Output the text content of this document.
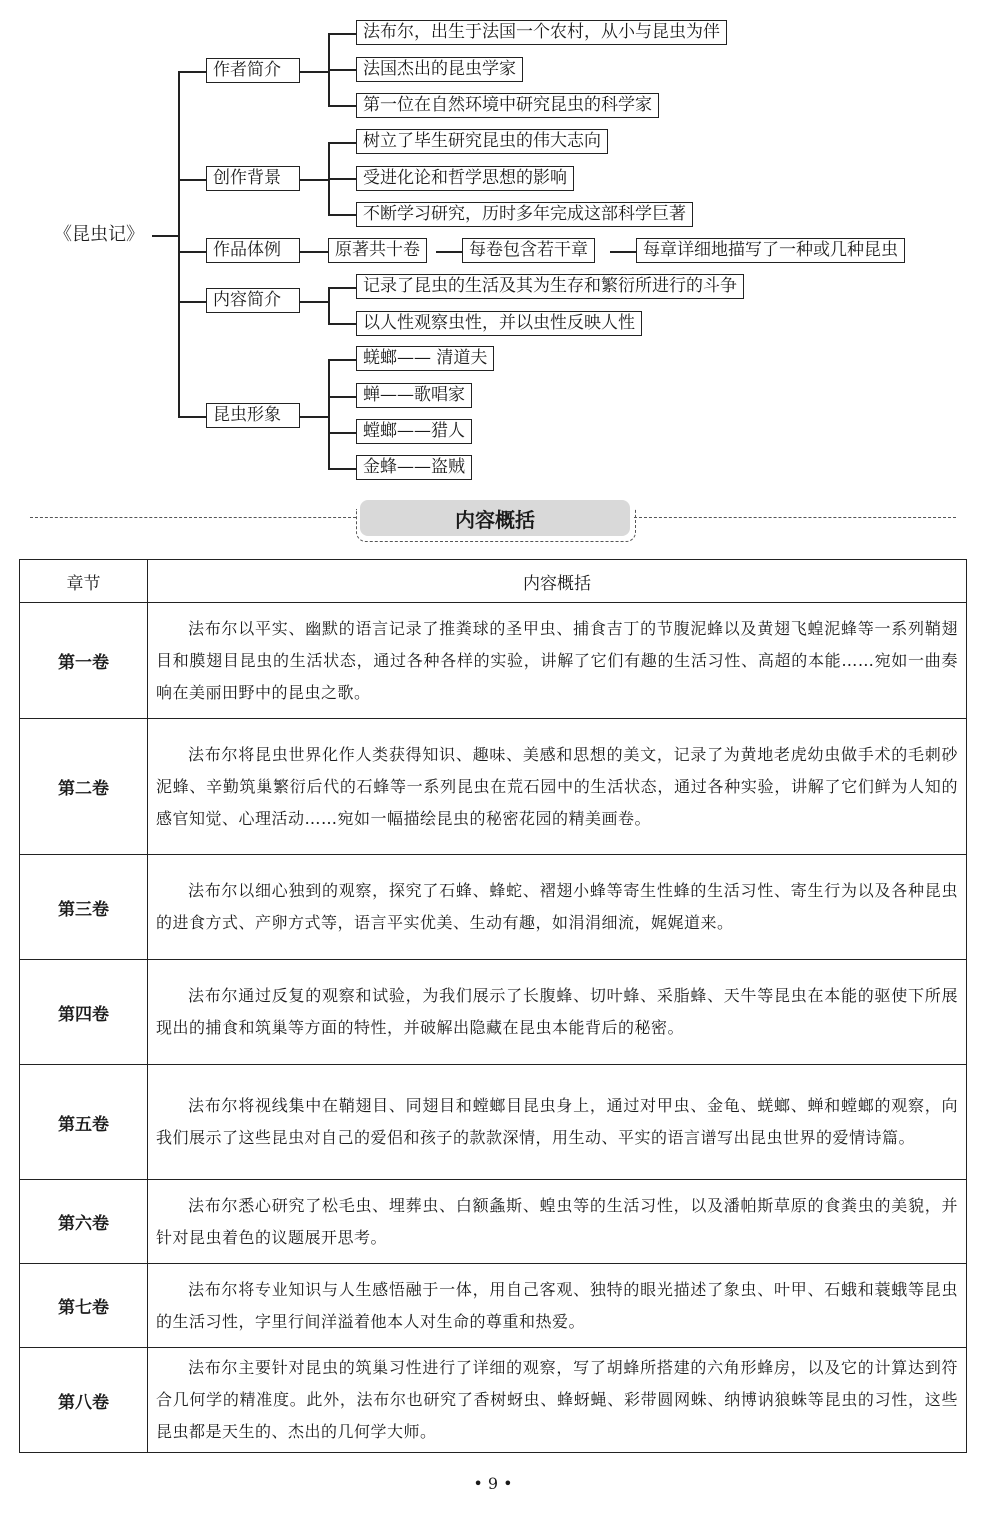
《昆虫记》
作者简介
法布尔，出生于法国一个农村，从小与昆虫为伴
法国杰出的昆虫学家
第一位在自然环境中研究昆虫的科学家
创作背景
树立了毕生研究昆虫的伟大志向
受进化论和哲学思想的影响
不断学习研究，历时多年完成这部科学巨著
作品体例	原著共十卷	每卷包含若干章	每章详细地描写了一种或几种昆虫
内容简介
记录了昆虫的生活及其为生存和繁衍所进行的斗争
以人性观察虫性，并以虫性反映人性
昆虫形象
蜣螂—— 清道夫
蝉——歌唱家
螳螂——猎人
金蜂——盗贼
内容概括
章节	内容概括
第一卷	法布尔以平实、幽默的语言记录了推粪球的圣甲虫、捕食吉丁的节腹泥蜂以及黄翅飞蝗泥蜂等一系列鞘翅目和膜翅目昆虫的生活状态，通过各种各样的实验，讲解了它们有趣的生活习性、高超的本能……宛如一曲奏响在美丽田野中的昆虫之歌。

第二卷	法布尔将昆虫世界化作人类获得知识、趣味、美感和思想的美文，记录了为黄地老虎幼虫做手术的毛刺砂泥蜂、辛勤筑巢繁衍后代的石蜂等一系列昆虫在荒石园中的生活状态，通过各种实验，讲解了它们鲜为人知的感官知觉、心理活动……宛如一幅描绘昆虫的秘密花园的精美画卷。

第三卷	法布尔以细心独到的观察，探究了石蜂、蜂蛇、褶翅小蜂等寄生性蜂的生活习性、寄生行为以及各种昆虫的进食方式、产卵方式等，语言平实优美、生动有趣，如涓涓细流，娓娓道来。

第四卷	法布尔通过反复的观察和试验，为我们展示了长腹蜂、切叶蜂、采脂蜂、天牛等昆虫在本能的驱使下所展现出的捕食和筑巢等方面的特性，并破解出隐藏在昆虫本能背后的秘密。

第五卷	法布尔将视线集中在鞘翅目、同翅目和螳螂目昆虫身上，通过对甲虫、金龟、蜣螂、蝉和螳螂的观察，向我们展示了这些昆虫对自己的爱侣和孩子的款款深情，用生动、平实的语言谱写出昆虫世界的爱情诗篇。

第六卷	法布尔悉心研究了松毛虫、埋葬虫、白额螽斯、蝗虫等的生活习性，以及潘帕斯草原的食粪虫的美貌，并针对昆虫着色的议题展开思考。

第七卷	法布尔将专业知识与人生感悟融于一体，用自己客观、独特的眼光描述了象虫、叶甲、石蛾和蓑蛾等昆虫的生活习性，字里行间洋溢着他本人对生命的尊重和热爱。

第八卷	法布尔主要针对昆虫的筑巢习性进行了详细的观察，写了胡蜂所搭建的六角形蜂房，以及它的计算达到符合几何学的精准度。此外，法布尔也研究了香树蚜虫、蜂蚜蝇、彩带圆网蛛、纳博讷狼蛛等昆虫的习性，这些昆虫都是天生的、杰出的几何学大师。
• 9 •
